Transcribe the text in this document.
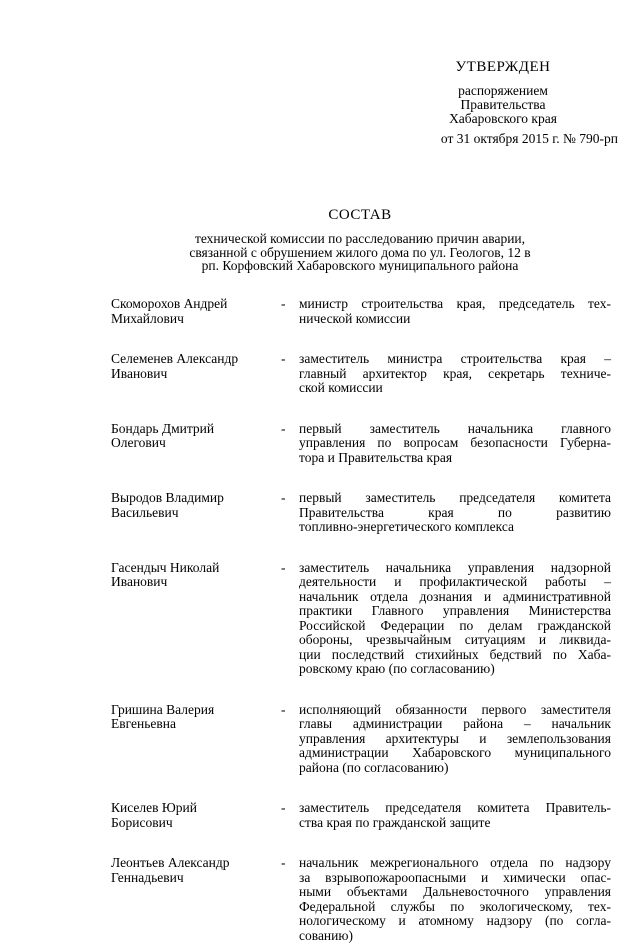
УТВЕРЖДЕН
распоряжением
Правительства
Хабаровского края
от 31 октября 2015 г. № 790-рп
СОСТАВ
технической комиссии по расследованию причин аварии,
связанной с обрушением жилого дома по ул. Геологов, 12 в
рп. Корфовский Хабаровского муниципального района
Скоморохов Андрей
Михайлович
-	министр строительства края, председатель тех-
нической комиссии
Селеменев Александр
Иванович
-	заместитель министра строительства края –
главный архитектор края, секретарь техниче-
ской комиссии
Бондарь Дмитрий
Олегович
-	первый заместитель начальника главного
управления по вопросам безопасности Губерна-
тора и Правительства края
Выродов Владимир
Васильевич
-	первый заместитель председателя комитета
Правительства края по развитию
топливно-энергетического комплекса
Гасендыч Николай
Иванович
-	заместитель начальника управления надзорной
деятельности и профилактической работы –
начальник отдела дознания и административной
практики Главного управления Министерства
Российской Федерации по делам гражданской
обороны, чрезвычайным ситуациям и ликвида-
ции последствий стихийных бедствий по Хаба-
ровскому краю (по согласованию)
Гришина Валерия
Евгеньевна
-	исполняющий обязанности первого заместителя
главы администрации района – начальник
управления архитектуры и землепользования
администрации Хабаровского муниципального
района (по согласованию)
Киселев Юрий
Борисович
-	заместитель председателя комитета Правитель-
ства края по гражданской защите
Леонтьев Александр
Геннадьевич
-	начальник межрегионального отдела по надзору
за взрывопожароопасными и химически опас-
ными объектами Дальневосточного управления
Федеральной службы по экологическому, тех-
нологическому и атомному надзору (по согла-
сованию)
